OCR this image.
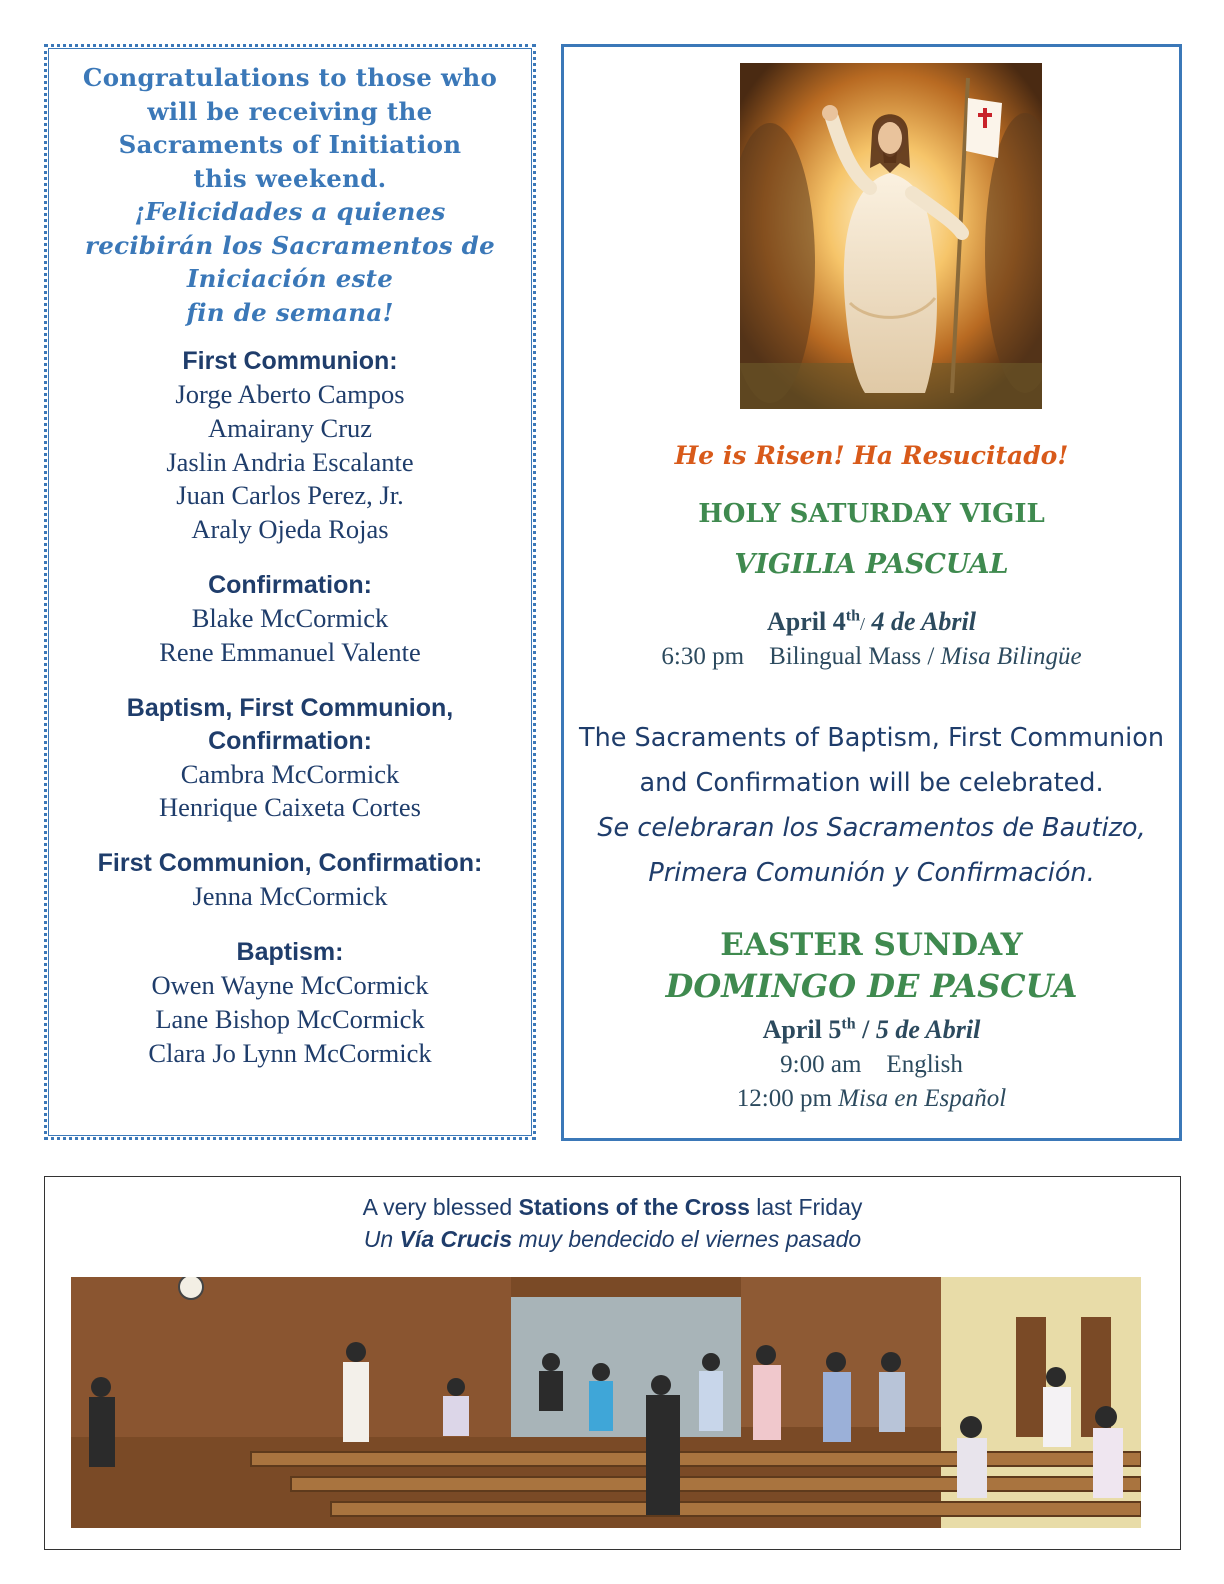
Congratulations to those who
will be receiving the
Sacraments of Initiation
this weekend.
¡Felicidades a quienes
recibirán los Sacramentos de
Iniciación este
fin de semana!
First Communion:
Jorge Aberto Campos
Amairany Cruz
Jaslin Andria Escalante
Juan Carlos Perez, Jr.
Araly Ojeda Rojas
Confirmation:
Blake McCormick
Rene Emmanuel Valente
Baptism, First Communion,
Confirmation:
Cambra McCormick
Henrique Caixeta Cortes
First Communion, Confirmation:
Jenna McCormick
Baptism:
Owen Wayne McCormick
Lane Bishop McCormick
Clara Jo Lynn McCormick
He is Risen! Ha Resucitado!
HOLY SATURDAY VIGIL
VIGILIA PASCUAL
April 4th/ 4 de Abril
6:30 pm Bilingual Mass / Misa Bilingüe
The Sacraments of Baptism, First Communion
and Confirmation will be celebrated.
Se celebraran los Sacramentos de Bautizo,
Primera Comunión y Confirmación.
EASTER SUNDAY
DOMINGO DE PASCUA
April 5th / 5 de Abril
9:00 am English
12:00 pm Misa en Español
A very blessed Stations of the Cross last Friday
Un Vía Crucis muy bendecido el viernes pasado
